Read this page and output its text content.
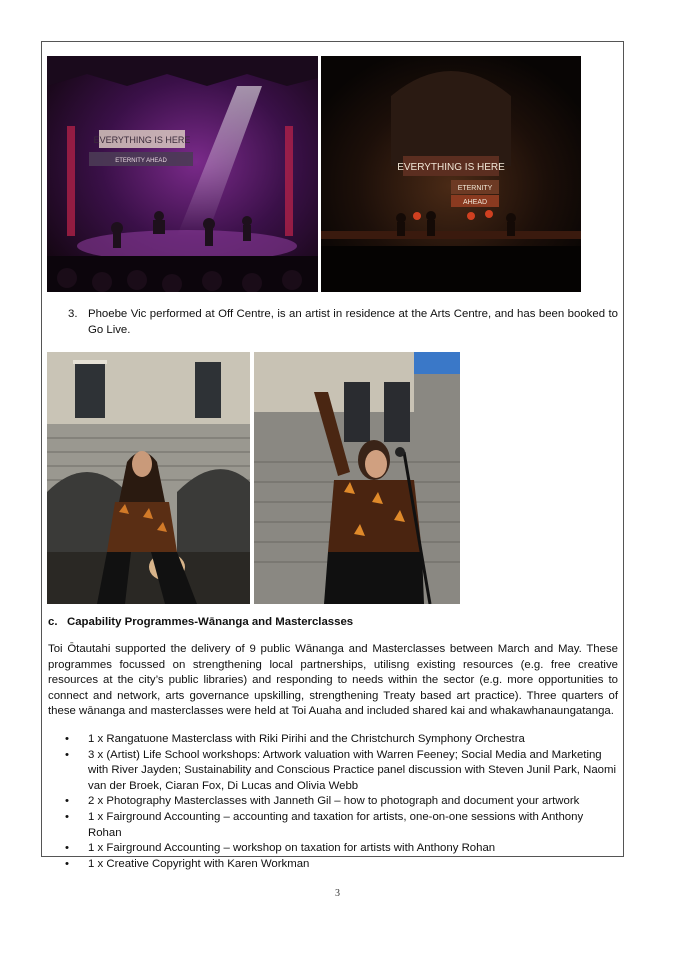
EVERYTHING IS HERE
ETERNITY AHEAD
EVERYTHING IS HERE
ETERNITY
AHEAD
3. Phoebe Vic performed at Off Centre, is an artist in residence at the Arts Centre, and has been booked to Go Live.
c. Capability Programmes-Wānanga and Masterclasses
Toi Ōtautahi supported the delivery of 9 public Wānanga and Masterclasses between March and May. These programmes focussed on strengthening local partnerships, utilisng existing resources (e.g. free creative resources at the city’s public libraries) and responding to needs within the sector (e.g. more opportunities to connect and network, arts governance upskilling, strengthening Treaty based art practice). Three quarters of these wānanga and masterclasses were held at Toi Auaha and included shared kai and whakawhanaungatanga.
• 1 x Rangatuone Masterclass with Riki Pirihi and the Christchurch Symphony Orchestra
• 3 x (Artist) Life School workshops: Artwork valuation with Warren Feeney; Social Media and Marketing with River Jayden; Sustainability and Conscious Practice panel discussion with Steven Junil Park, Naomi van der Broek, Ciaran Fox, Di Lucas and Olivia Webb
• 2 x Photography Masterclasses with Janneth Gil – how to photograph and document your artwork
• 1 x Fairground Accounting – accounting and taxation for artists, one-on-one sessions with Anthony Rohan
• 1 x Fairground Accounting – workshop on taxation for artists with Anthony Rohan
• 1 x Creative Copyright with Karen Workman
3
